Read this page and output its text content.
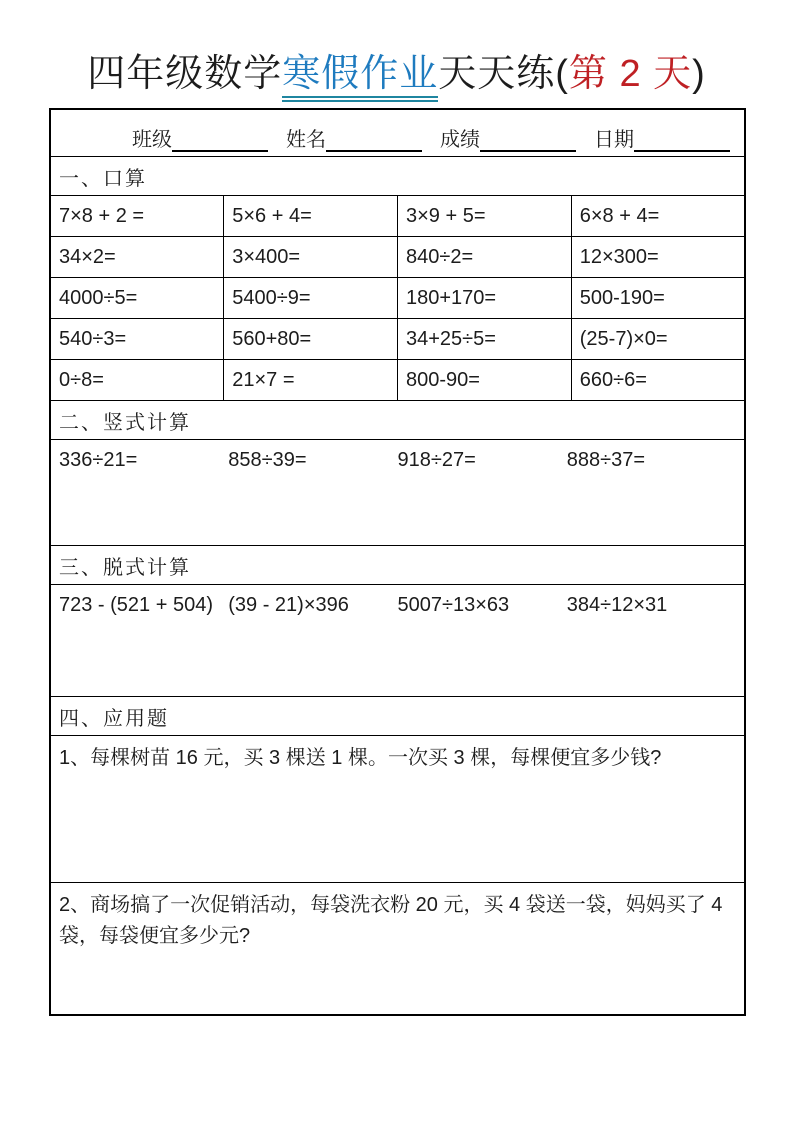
四年级数学寒假作业天天练(第 2 天)
班级 姓名 成绩 日期			

一、口算			
7×8 + 2 =	5×6 + 4=	3×9 + 5=	6×8 + 4=
34×2=	3×400=	840÷2=	12×300=
4000÷5=	5400÷9=	180+170=	500-190=
540÷3=	560+80=	34+25÷5=	(25-7)×0=
0÷8=	21×7 =	800-90=	660÷6=
二、竖式计算			

336÷21= 858÷39= 918÷27= 888÷37=			

三、脱式计算			

723 - (521 + 504) (39 - 21)×396 5007÷13×63 384÷12×31			

四、应用题			

1、每棵树苗 16 元，买 3 棵送 1 棵。一次买 3 棵，每棵便宜多少钱?			

2、商场搞了一次促销活动，每袋洗衣粉 20 元，买 4 袋送一袋，妈妈买了 4 袋，每袋便宜多少元?			
